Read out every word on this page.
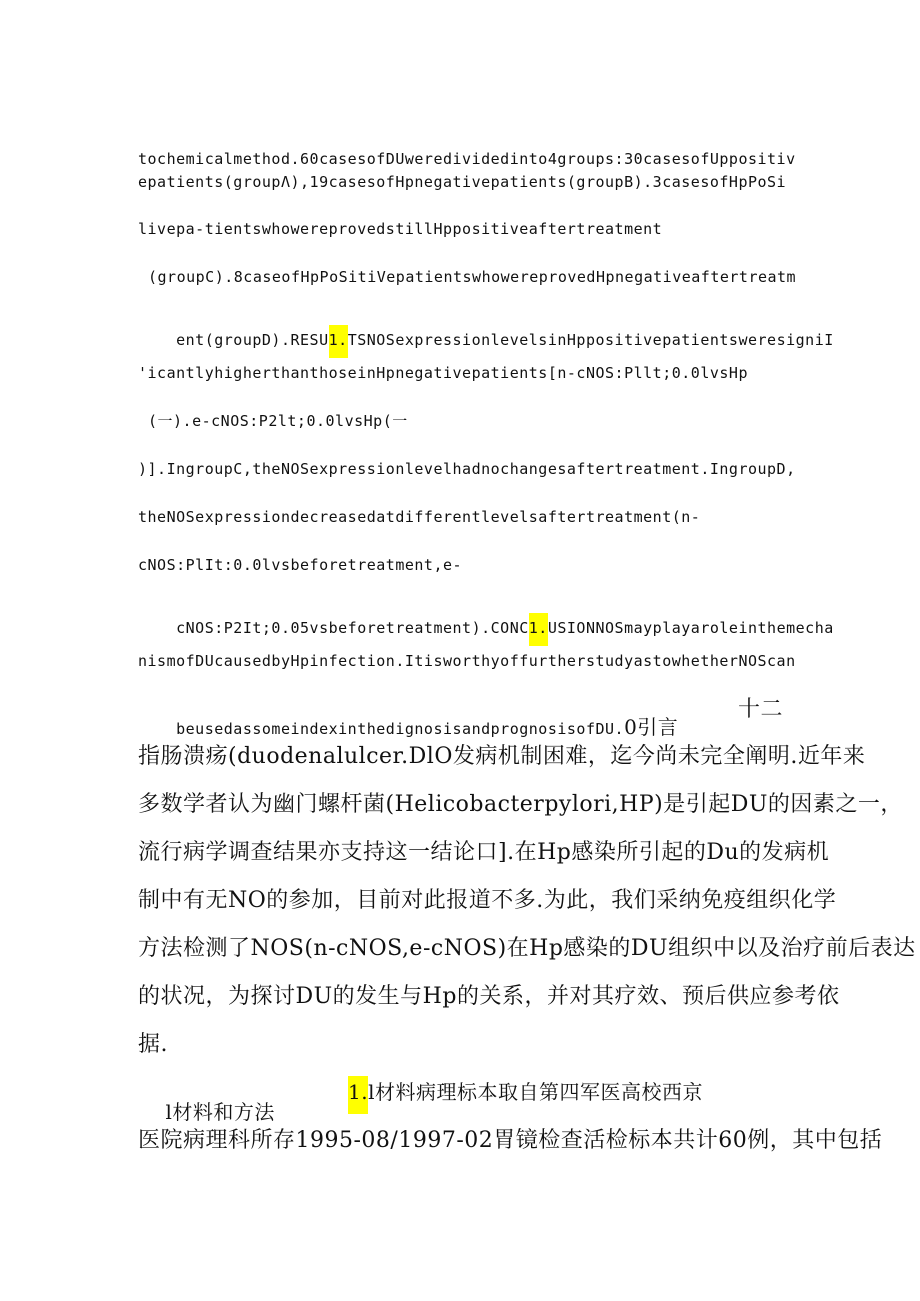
tochemicalmethod.60casesofDUweredividedinto4groups:30casesofUppositiv
epatients(groupΛ),19casesofHpnegativepatients(groupB).3casesofHpPoSi
livepa-tientswhowereprovedstillHppositiveaftertreatment
(groupC).8caseofHpPoSitiVepatientswhowereprovedHpnegativeaftertreatm

ent(groupD).RESU1.TSNOSexpressionlevelsinHppositivepatientsweresigniI

'icantlyhigherthanthoseinHpnegativepatients[n-cNOS:Pllt;0.0lvsHp
(一).e-cNOS:P2lt;0.0lvsHp(一
)].IngroupC,theNOSexpressionlevelhadnochangesaftertreatment.IngroupD,
theNOSexpressiondecreasedatdifferentlevelsaftertreatment(n-
cNOS:PlIt:0.0lvsbeforetreatment,e-

cNOS:P2It;0.05vsbeforetreatment).CONC1.USIONNOSmayplayaroleinthemecha

nismofDUcausedbyHpinfection.ItisworthyoffurtherstudyastowhetherNOScan

beusedassomeindexinthedignosisandprognosisofDU.0引言

十二

指肠溃疡(duodenalulcer.DlO发病机制困难，迄今尚未完全阐明.近年来
多数学者认为幽门螺杆菌(Helicobacterpylori,HP)是引起DU的因素之一，
流行病学调查结果亦支持这一结论口].在Hp感染所引起的Du的发病机
制中有无NO的参加，目前对此报道不多.为此，我们采纳免疫组织化学
方法检测了NOS(n-cNOS,e-cNOS)在Hp感染的DU组织中以及治疗前后表达
的状况，为探讨DU的发生与Hp的关系，并对其疗效、预后供应参考依
据.

l材料和方法

1.l材料病理标本取自第四军医高校西京

医院病理科所存1995-08/1997-02胃镜检查活检标本共计60例，其中包括
